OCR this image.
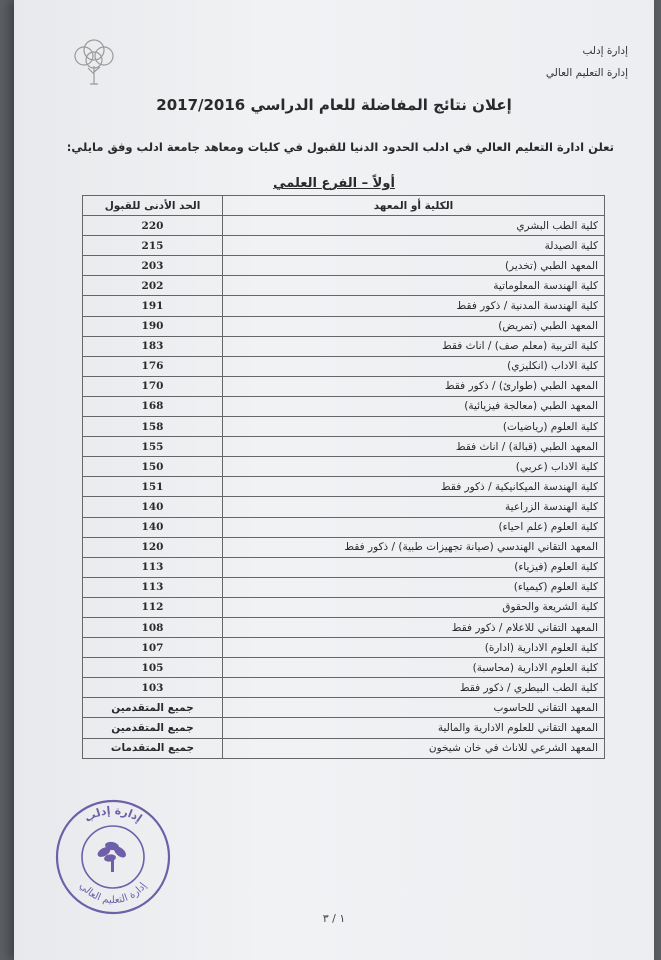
إدارة إدلب
إدارة التعليم العالي
إعلان نتائج المفاضلة للعام الدراسي 2017/2016
تعلن ادارة التعليم العالي في ادلب الحدود الدنيا للقبول في كليات ومعاهد جامعة ادلب وفق مايلي:
أولاً – الفرع العلمي
الكلية أو المعهد	الحد الأدنى للقبول
كلية الطب البشري	220
كلية الصيدلة	215
المعهد الطبي (تخدير)	203
كلية الهندسة المعلوماتية	202
كلية الهندسة المدنية / ذكور فقط	191
المعهد الطبي (تمريض)	190
كلية التربية (معلم صف) / اناث فقط	183
كلية الاداب (انكليزي)	176
المعهد الطبي (طوارئ) / ذكور فقط	170
المعهد الطبي (معالجة فيزيائية)	168
كلية العلوم (رياضيات)	158
المعهد الطبي (قبالة) / اناث فقط	155
كلية الاداب (عربي)	150
كلية الهندسة الميكانيكية / ذكور فقط	151
كلية الهندسة الزراعية	140
كلية العلوم (علم احياء)	140
المعهد التقاني الهندسي (صيانة تجهيزات طبية) / ذكور فقط	120
كلية العلوم (فيزياء)	113
كلية العلوم (كيمياء)	113
كلية الشريعة والحقوق	112
المعهد التقاني للاعلام / ذكور فقط	108
كلية العلوم الادارية (ادارة)	107
كلية العلوم الادارية (محاسبة)	105
كلية الطب البيطري / ذكور فقط	103
المعهد التقاني للحاسوب	جميع المتقدمين
المعهد التقاني للعلوم الادارية والمالية	جميع المتقدمين
المعهد الشرعي للاناث في خان شيخون	جميع المتقدمات
إدارة إدلب
إدارة التعليم العالي
١ / ٣
